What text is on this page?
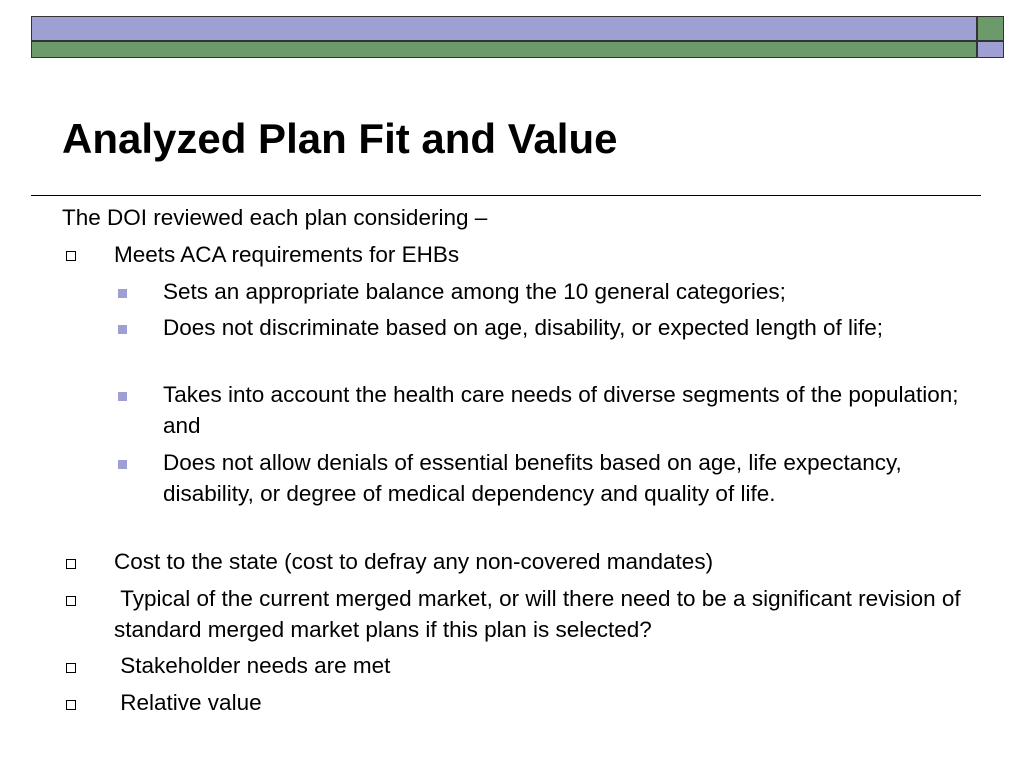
Analyzed Plan Fit and Value
The DOI reviewed each plan considering –
Meets ACA requirements for EHBs
Sets an appropriate balance among the 10 general categories;
Does not discriminate based on age, disability, or expected length of life;
Takes into account the health care needs of diverse segments of the population; and
Does not allow denials of essential benefits based on age, life expectancy, disability, or degree of medical dependency and quality of life.
Cost to the state (cost to defray any non-covered mandates)
Typical of the current merged market, or will there need to be a significant revision of standard merged market plans if this plan is selected?
Stakeholder needs are met
Relative value
